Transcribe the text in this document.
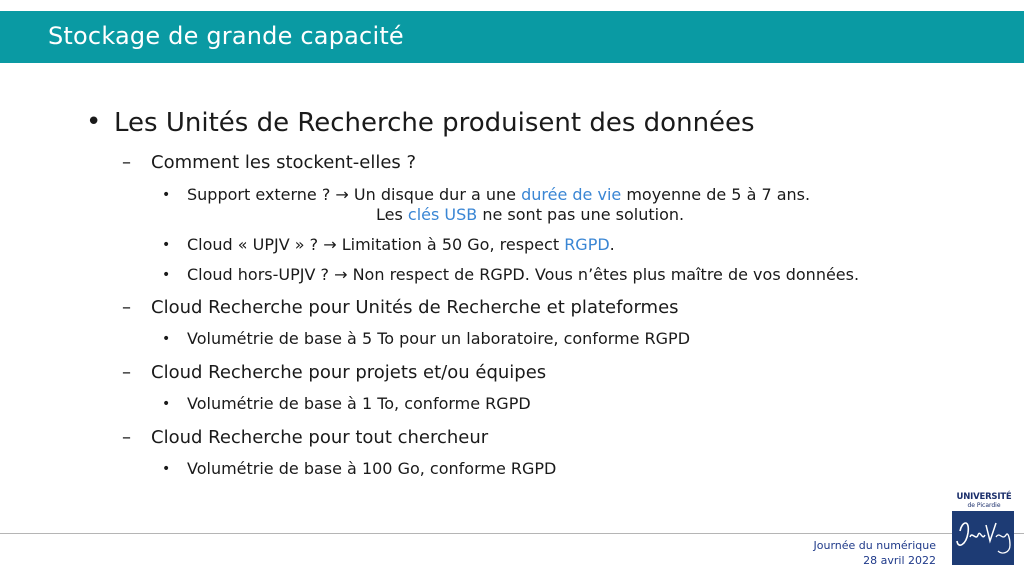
Stockage de grande capacité
• Les Unités de Recherche produisent des données
– Comment les stockent-elles ?
• Support externe ? → Un disque dur a une durée de vie moyenne de 5 à 7 ans.
Les clés USB ne sont pas une solution.
• Cloud « UPJV » ? → Limitation à 50 Go, respect RGPD.
• Cloud hors-UPJV ? → Non respect de RGPD. Vous n’êtes plus maître de vos données.
– Cloud Recherche pour Unités de Recherche et plateformes
• Volumétrie de base à 5 To pour un laboratoire, conforme RGPD
– Cloud Recherche pour projets et/ou équipes
• Volumétrie de base à 1 To, conforme RGPD
– Cloud Recherche pour tout chercheur
• Volumétrie de base à 100 Go, conforme RGPD
Journée du numérique
28 avril 2022
UNIVERSITÉ
de Picardie
